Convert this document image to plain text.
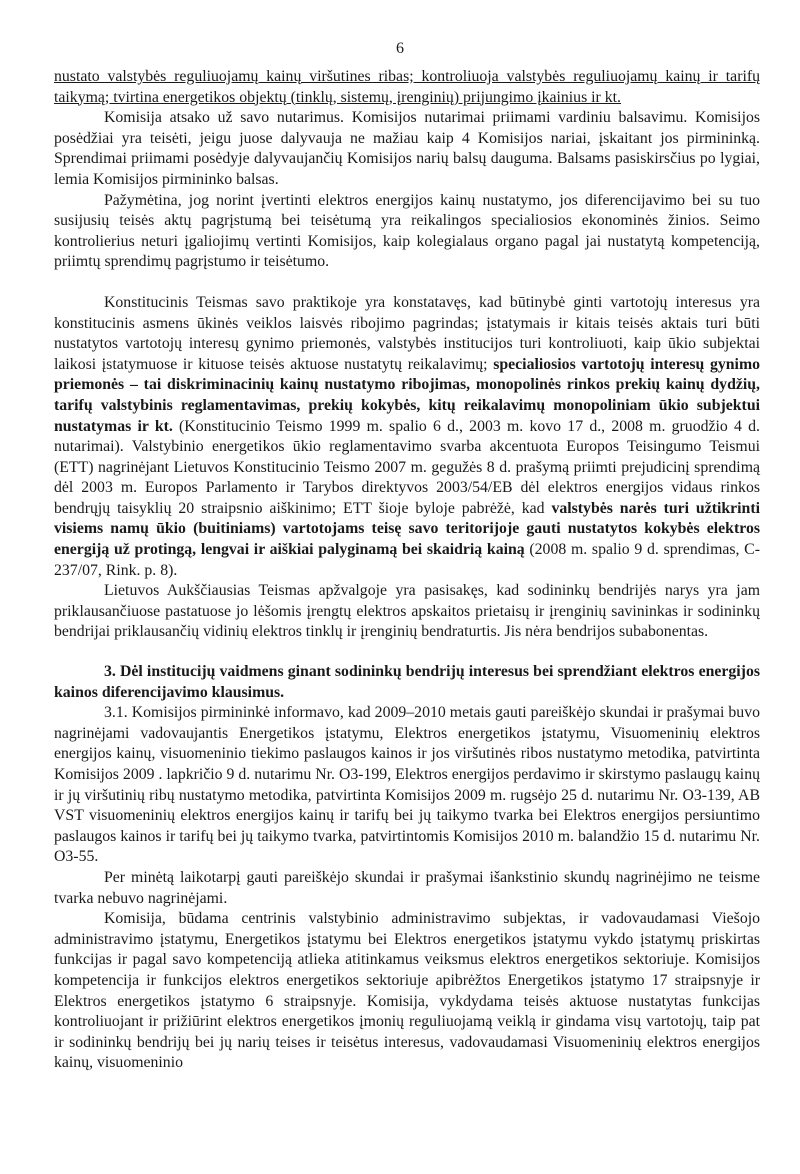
6

nustato valstybės reguliuojamų kainų viršutines ribas; kontroliuoja valstybės reguliuojamų kainų ir tarifų taikymą; tvirtina energetikos objektų (tinklų, sistemų, įrenginių) prijungimo įkainius ir kt.

Komisija atsako už savo nutarimus. Komisijos nutarimai priimami vardiniu balsavimu. Komisijos posėdžiai yra teisėti, jeigu juose dalyvauja ne mažiau kaip 4 Komisijos nariai, įskaitant jos pirmininką. Sprendimai priimami posėdyje dalyvaujančių Komisijos narių balsų dauguma. Balsams pasiskirsčius po lygiai, lemia Komisijos pirmininko balsas.

Pažymėtina, jog norint įvertinti elektros energijos kainų nustatymo, jos diferencijavimo bei su tuo susijusių teisės aktų pagrįstumą bei teisėtumą yra reikalingos specialiosios ekonominės žinios. Seimo kontrolierius neturi įgaliojimų vertinti Komisijos, kaip kolegialaus organo pagal jai nustatytą kompetenciją, priimtų sprendimų pagrįstumo ir teisėtumo.

Konstitucinis Teismas savo praktikoje yra konstatavęs, kad būtinybė ginti vartotojų interesus yra konstitucinis asmens ūkinės veiklos laisvės ribojimo pagrindas; įstatymais ir kitais teisės aktais turi būti nustatytos vartotojų interesų gynimo priemonės, valstybės institucijos turi kontroliuoti, kaip ūkio subjektai laikosi įstatymuose ir kituose teisės aktuose nustatytų reikalavimų; specialiosios vartotojų interesų gynimo priemonės – tai diskriminacinių kainų nustatymo ribojimas, monopolinės rinkos prekių kainų dydžių, tarifų valstybinis reglamentavimas, prekių kokybės, kitų reikalavimų monopoliniam ūkio subjektui nustatymas ir kt. (Konstitucinio Teismo 1999 m. spalio 6 d., 2003 m. kovo 17 d., 2008 m. gruodžio 4 d. nutarimai). Valstybinio energetikos ūkio reglamentavimo svarba akcentuota Europos Teisingumo Teismui (ETT) nagrinėjant Lietuvos Konstitucinio Teismo 2007 m. gegužės 8 d. prašymą priimti prejudicinį sprendimą dėl 2003 m. Europos Parlamento ir Tarybos direktyvos 2003/54/EB dėl elektros energijos vidaus rinkos bendrųjų taisyklių 20 straipsnio aiškinimo; ETT šioje byloje pabrėžė, kad valstybės narės turi užtikrinti visiems namų ūkio (buitiniams) vartotojams teisę savo teritorijoje gauti nustatytos kokybės elektros energiją už protingą, lengvai ir aiškiai palyginamą bei skaidrią kainą (2008 m. spalio 9 d. sprendimas, C-237/07, Rink. p. 8).

Lietuvos Aukščiausias Teismas apžvalgoje yra pasisakęs, kad sodininkų bendrijės narys yra jam priklausančiuose pastatuose jo lėšomis įrengtų elektros apskaitos prietaisų ir įrenginių savininkas ir sodininkų bendrijai priklausančių vidinių elektros tinklų ir įrenginių bendraturtis. Jis nėra bendrijos subabonentas.

3. Dėl institucijų vaidmens ginant sodininkų bendrijų interesus bei sprendžiant elektros energijos kainos diferencijavimo klausimus.

3.1. Komisijos pirmininkė informavo, kad 2009–2010 metais gauti pareiškėjo skundai ir prašymai buvo nagrinėjami vadovaujantis Energetikos įstatymu, Elektros energetikos įstatymu, Visuomeninių elektros energijos kainų, visuomeninio tiekimo paslaugos kainos ir jos viršutinės ribos nustatymo metodika, patvirtinta Komisijos 2009 . lapkričio 9 d. nutarimu Nr. O3-199, Elektros energijos perdavimo ir skirstymo paslaugų kainų ir jų viršutinių ribų nustatymo metodika, patvirtinta Komisijos 2009 m. rugsėjo 25 d. nutarimu Nr. O3-139, AB VST visuomeninių elektros energijos kainų ir tarifų bei jų taikymo tvarka bei Elektros energijos persiuntimo paslaugos kainos ir tarifų bei jų taikymo tvarka, patvirtintomis Komisijos 2010 m. balandžio 15 d. nutarimu Nr. O3-55.

Per minėtą laikotarpį gauti pareiškėjo skundai ir prašymai išankstinio skundų nagrinėjimo ne teisme tvarka nebuvo nagrinėjami.

Komisija, būdama centrinis valstybinio administravimo subjektas, ir vadovaudamasi Viešojo administravimo įstatymu, Energetikos įstatymu bei Elektros energetikos įstatymu vykdo įstatymų priskirtas funkcijas ir pagal savo kompetenciją atlieka atitinkamus veiksmus elektros energetikos sektoriuje. Komisijos kompetencija ir funkcijos elektros energetikos sektoriuje apibrėžtos Energetikos įstatymo 17 straipsnyje ir Elektros energetikos įstatymo 6 straipsnyje. Komisija, vykdydama teisės aktuose nustatytas funkcijas kontroliuojant ir prižiūrint elektros energetikos įmonių reguliuojamą veiklą ir gindama visų vartotojų, taip pat ir sodininkų bendrijų bei jų narių teises ir teisėtus interesus, vadovaudamasi Visuomeninių elektros energijos kainų, visuomeninio
